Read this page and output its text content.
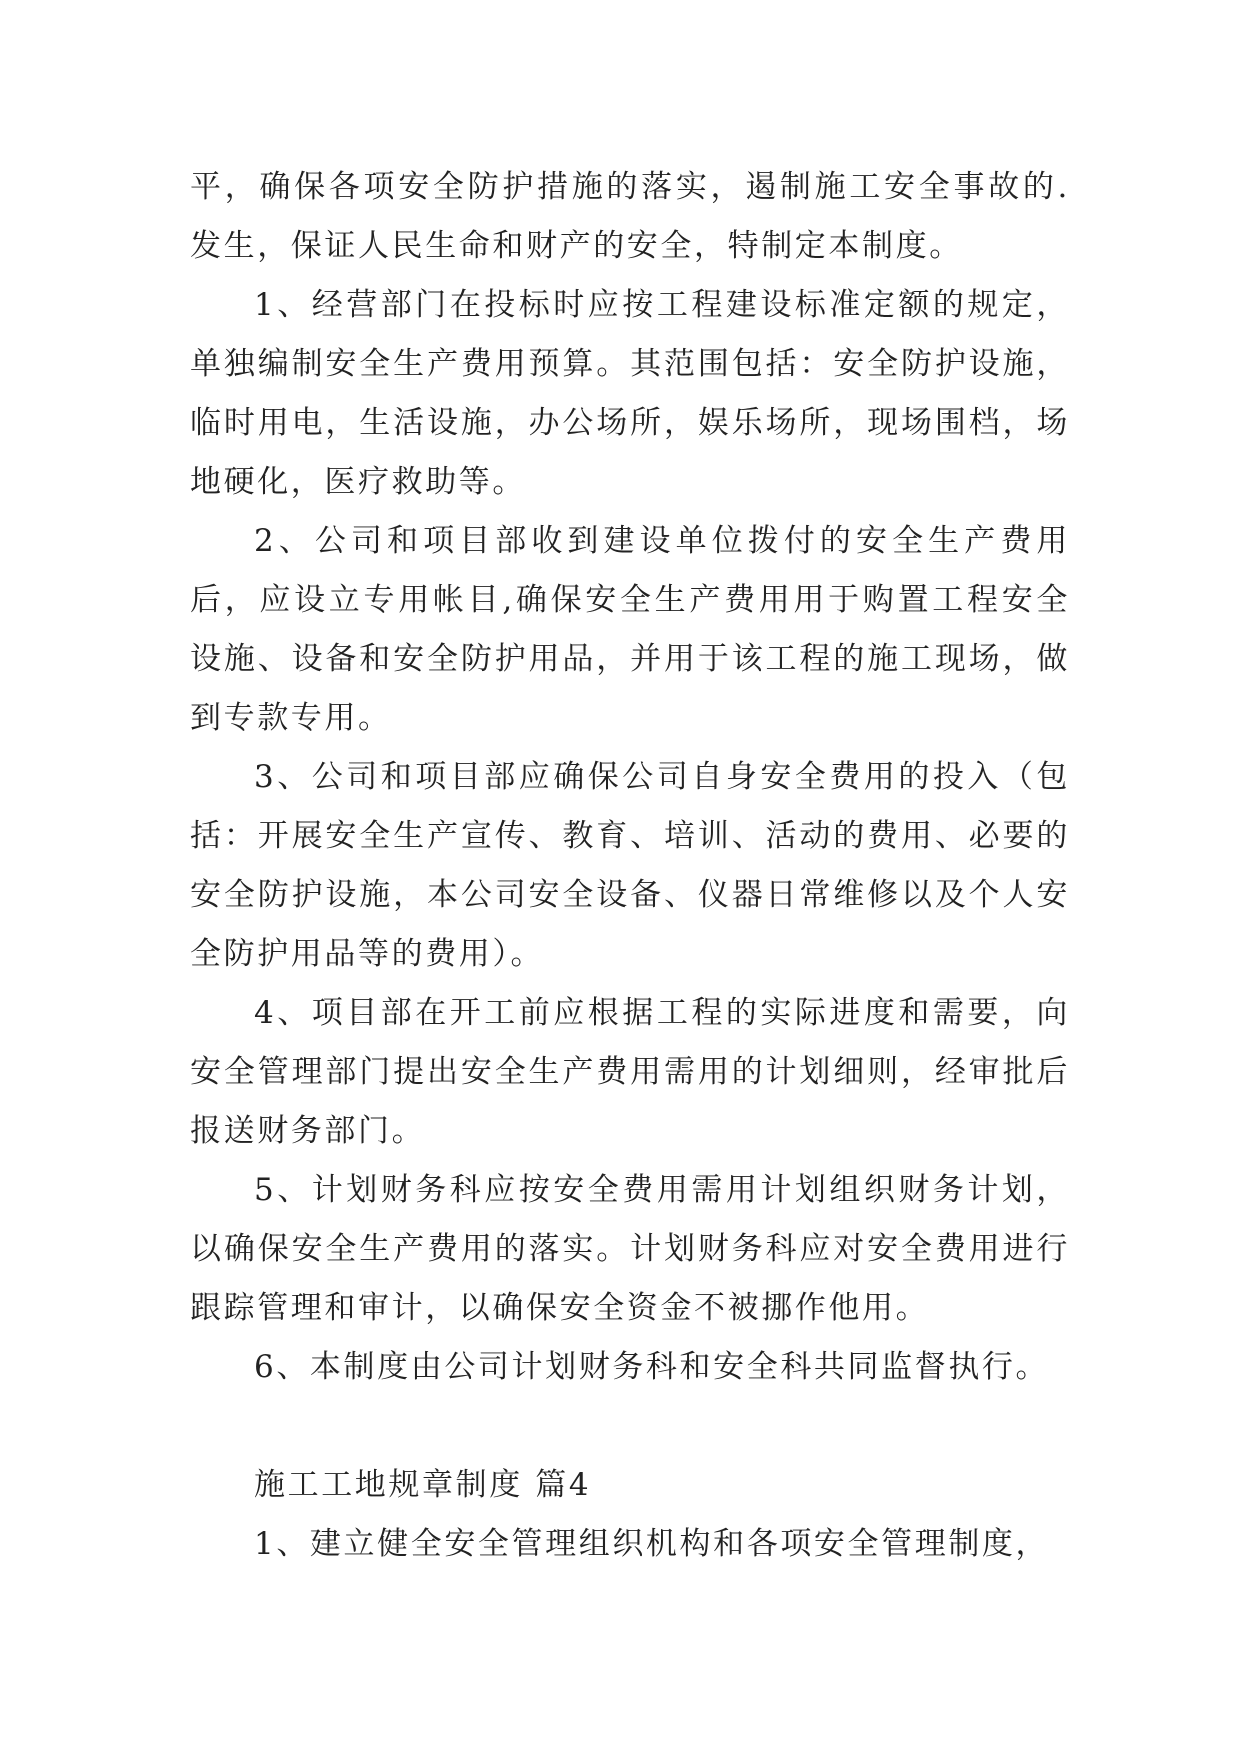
平，确保各项安全防护措施的落实，遏制施工安全事故的.发生，保证人民生命和财产的安全，特制定本制度。

1、经营部门在投标时应按工程建设标准定额的规定，单独编制安全生产费用预算。其范围包括：安全防护设施，临时用电，生活设施，办公场所，娱乐场所，现场围档，场地硬化，医疗救助等。

2、公司和项目部收到建设单位拨付的安全生产费用后，应设立专用帐目,确保安全生产费用用于购置工程安全设施、设备和安全防护用品，并用于该工程的施工现场，做到专款专用。

3、公司和项目部应确保公司自身安全费用的投入（包括：开展安全生产宣传、教育、培训、活动的费用、必要的安全防护设施，本公司安全设备、仪器日常维修以及个人安全防护用品等的费用）。

4、项目部在开工前应根据工程的实际进度和需要，向安全管理部门提出安全生产费用需用的计划细则，经审批后报送财务部门。

5、计划财务科应按安全费用需用计划组织财务计划，以确保安全生产费用的落实。计划财务科应对安全费用进行跟踪管理和审计，以确保安全资金不被挪作他用。

6、本制度由公司计划财务科和安全科共同监督执行。

施工工地规章制度 篇4

1、建立健全安全管理组织机构和各项安全管理制度，
